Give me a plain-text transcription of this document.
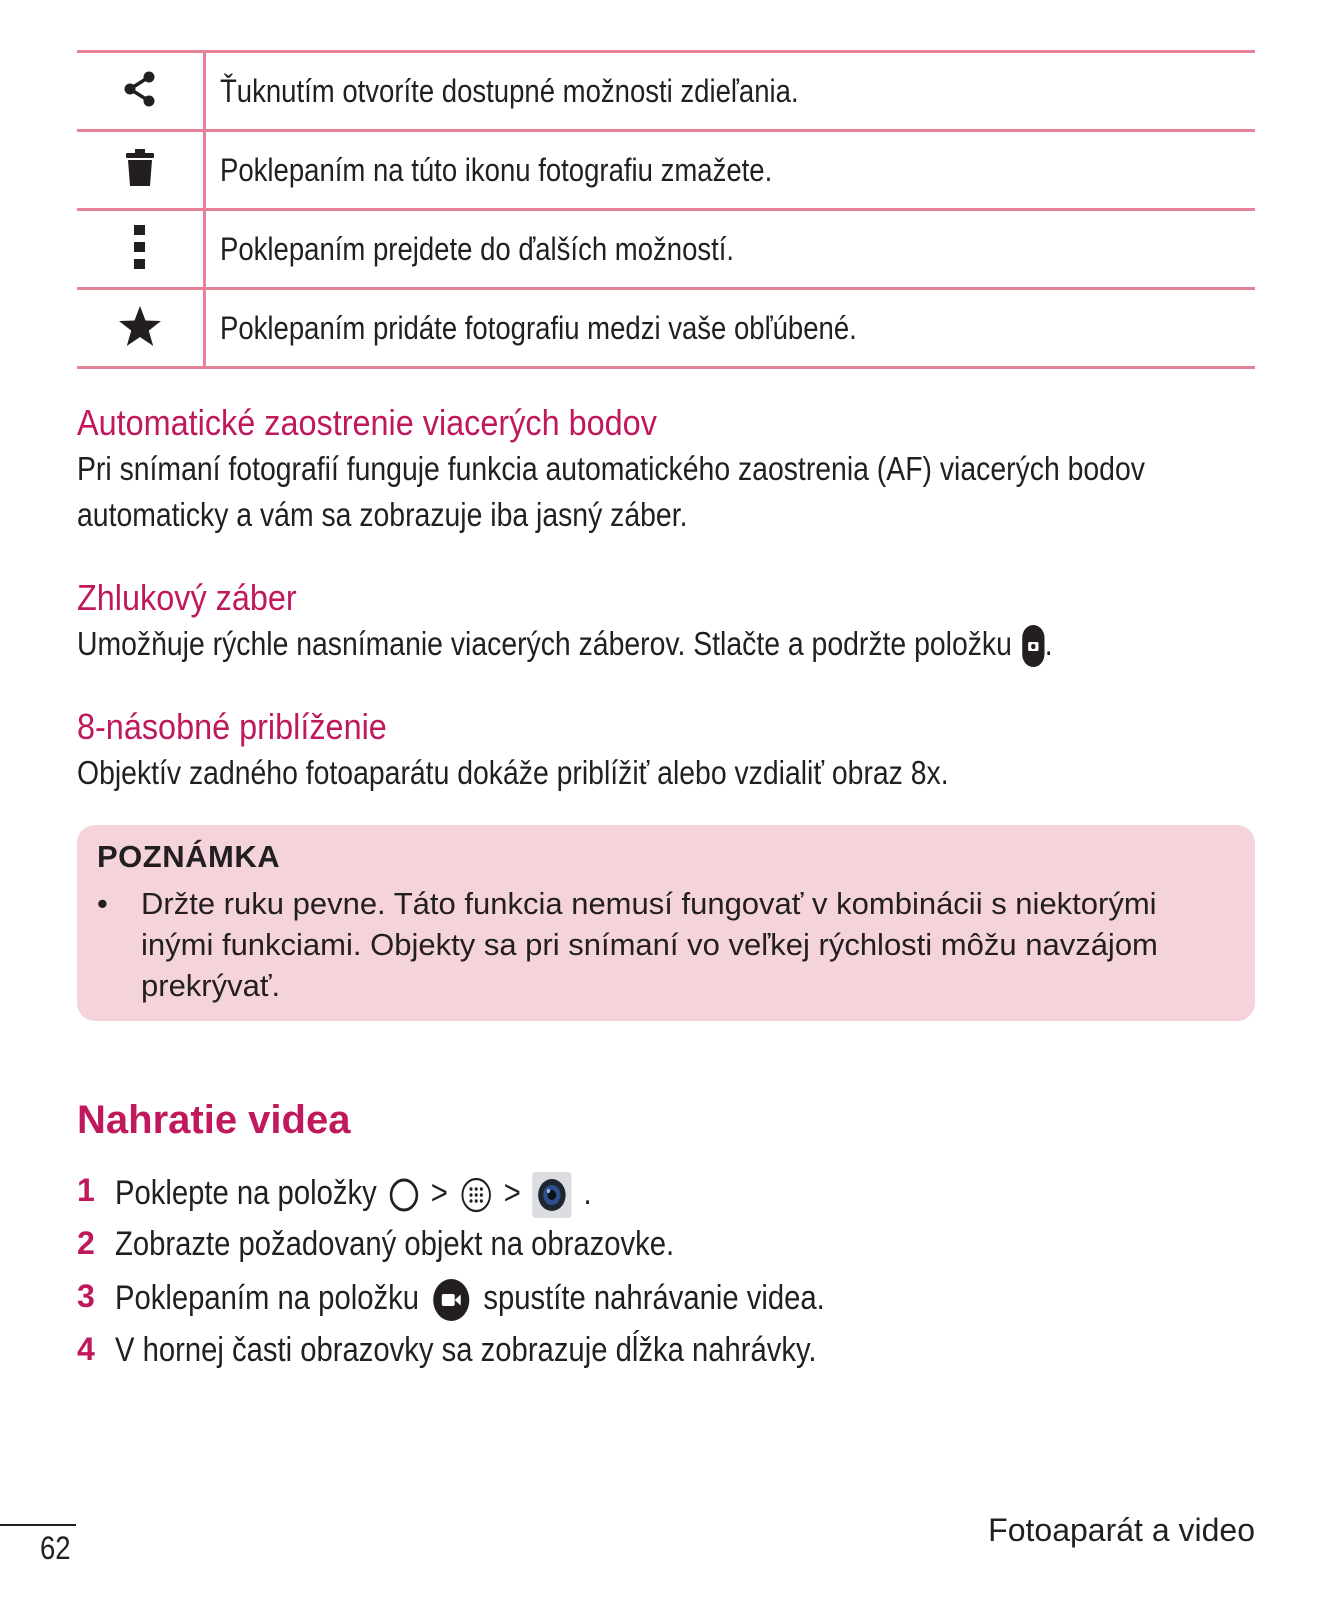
	Ťuknutím otvoríte dostupné možnosti zdieľania.
	Poklepaním na túto ikonu fotografiu zmažete.
	Poklepaním prejdete do ďalších možností.
	Poklepaním pridáte fotografiu medzi vaše obľúbené.

Automatické zaostrenie viacerých bodov

Pri snímaní fotografií funguje funkcia automatického zaostrenia (AF) viacerých bodov
automaticky a vám sa zobrazuje iba jasný záber.

Zhlukový záber

Umožňuje rýchle nasnímanie viacerých záberov. Stlačte a podržte položku .

8-násobné priblíženie

Objektív zadného fotoaparátu dokáže priblížiť alebo vzdialiť obraz 8x.

POZNÁMKA
• Držte ruku pevne. Táto funkcia nemusí fungovať v kombinácii s niektorými
inými funkciami. Objekty sa pri snímaní vo veľkej rýchlosti môžu navzájom
prekrývať.
Nahratie videa
1 Poklepte na položky > > .
2 Zobrazte požadovaný objekt na obrazovke.
3 Poklepaním na položku spustíte nahrávanie videa.
4 V hornej časti obrazovky sa zobrazuje dĺžka nahrávky.
62	Fotoaparát a video
